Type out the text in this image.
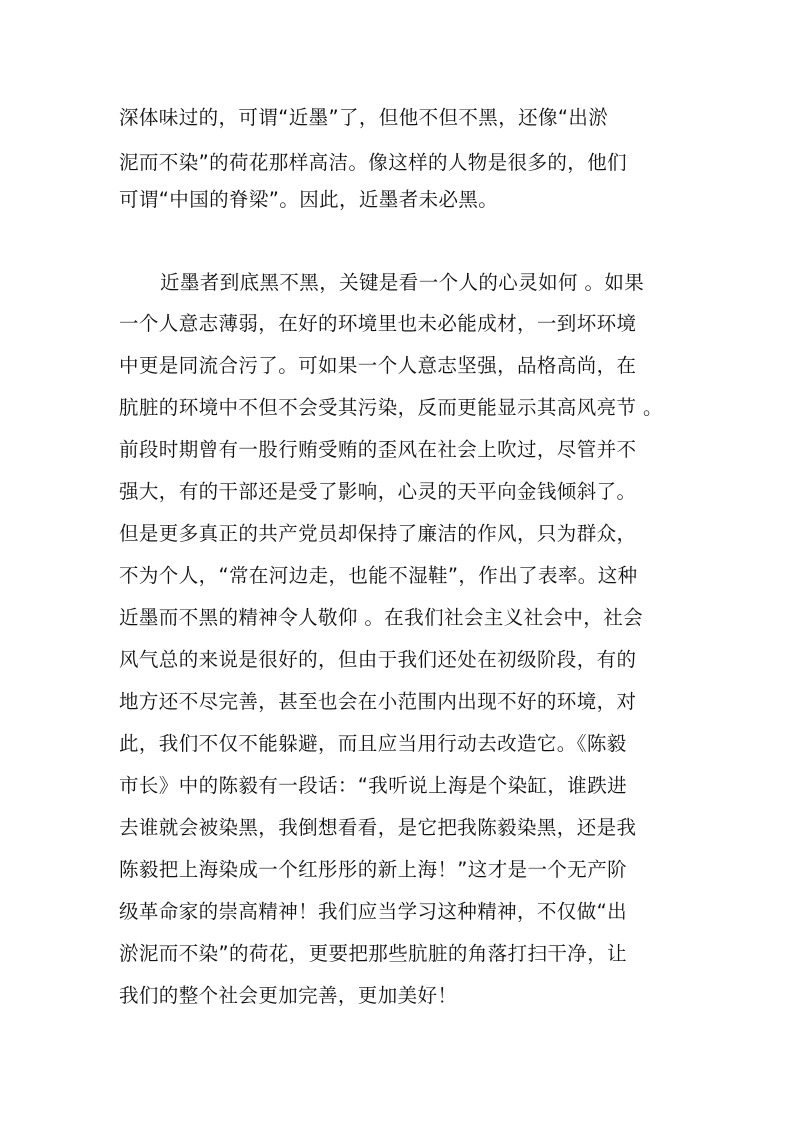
深体味过的，可谓“近墨”了，但他不但不黑，还像“出淤
泥而不染”的荷花那样高洁。像这样的人物是很多的，他们
可谓“中国的脊梁”。因此，近墨者未必黑。
近墨者到底黑不黑，关键是看一个人的心灵如何 。如果
一个人意志薄弱，在好的环境里也未必能成材，一到坏环境
中更是同流合污了。可如果一个人意志坚强，品格高尚，在
肮脏的环境中不但不会受其污染，反而更能显示其高风亮节 。
前段时期曾有一股行贿受贿的歪风在社会上吹过，尽管并不
强大，有的干部还是受了影响，心灵的天平向金钱倾斜了。
但是更多真正的共产党员却保持了廉洁的作风，只为群众，
不为个人，“常在河边走，也能不湿鞋”，作出了表率。这种
近墨而不黑的精神令人敬仰 。在我们社会主义社会中，社会
风气总的来说是很好的，但由于我们还处在初级阶段，有的
地方还不尽完善，甚至也会在小范围内出现不好的环境，对
此，我们不仅不能躲避，而且应当用行动去改造它。《陈毅
市长》中的陈毅有一段话：“我听说上海是个染缸，谁跌进
去谁就会被染黑，我倒想看看，是它把我陈毅染黑，还是我
陈毅把上海染成一个红彤彤的新上海！”这才是一个无产阶
级革命家的崇高精神！我们应当学习这种精神，不仅做“出
淤泥而不染”的荷花，更要把那些肮脏的角落打扫干净，让
我们的整个社会更加完善，更加美好！
